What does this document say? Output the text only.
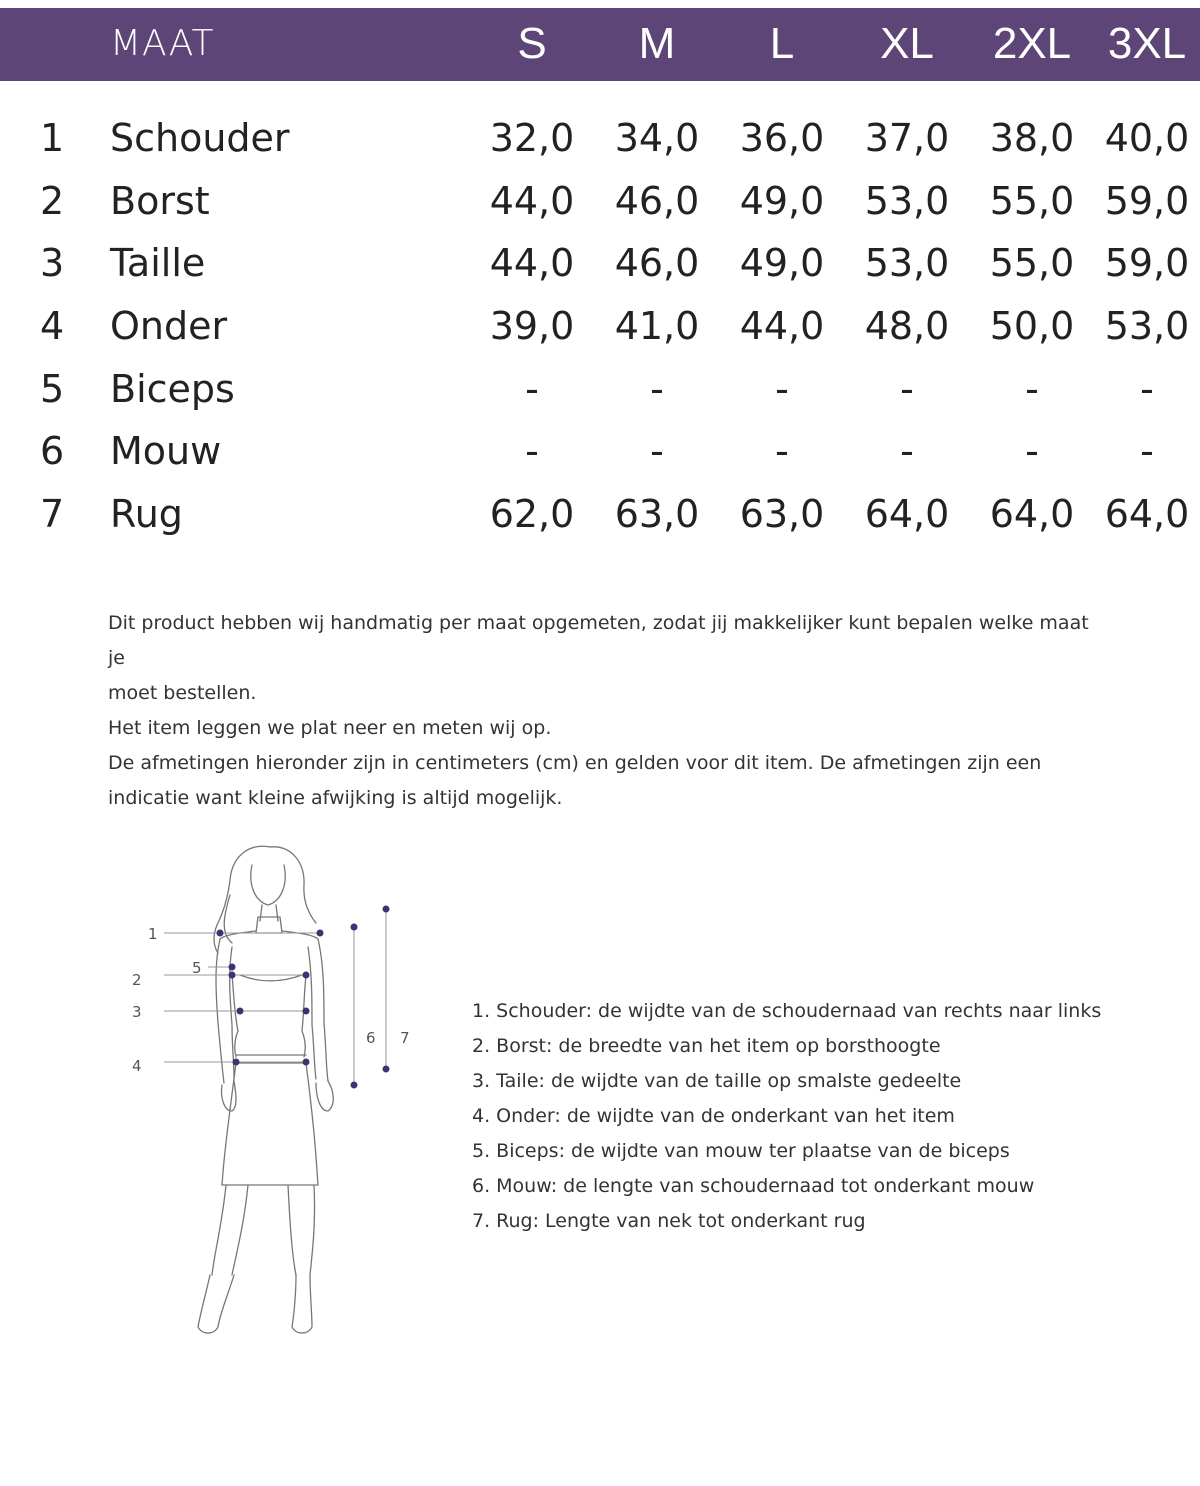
MAAT	S	M	L	XL	2XL 3XL
1	Schouder	32,0	34,0	36,0	37,0	38,0 40,0
2	Borst	44,0	46,0	49,0	53,0	55,0 59,0
3	Taille	44,0	46,0	49,0	53,0	55,0 59,0
4	Onder	39,0	41,0	44,0	48,0	50,0 53,0
5	Biceps	-	-	-	-	-	-
6	Mouw	-	-	-	-	-	-
7	Rug	62,0	63,0	63,0	64,0	64,0 64,0

Dit product hebben wij handmatig per maat opgemeten, zodat jij makkelijker kunt bepalen welke maat je

moet bestellen.

Het item leggen we plat neer en meten wij op.

De afmetingen hieronder zijn in centimeters (cm) en gelden voor dit item. De afmetingen zijn een

indicatie want kleine afwijking is altijd mogelijk.

1
2
3
4
5
6 7
1. Schouder: de wijdte van de schoudernaad van rechts naar links
2. Borst: de breedte van het item op borsthoogte
3. Taile: de wijdte van de taille op smalste gedeelte
4. Onder: de wijdte van de onderkant van het item
5. Biceps: de wijdte van mouw ter plaatse van de biceps
6. Mouw: de lengte van schoudernaad tot onderkant mouw
7. Rug: Lengte van nek tot onderkant rug
